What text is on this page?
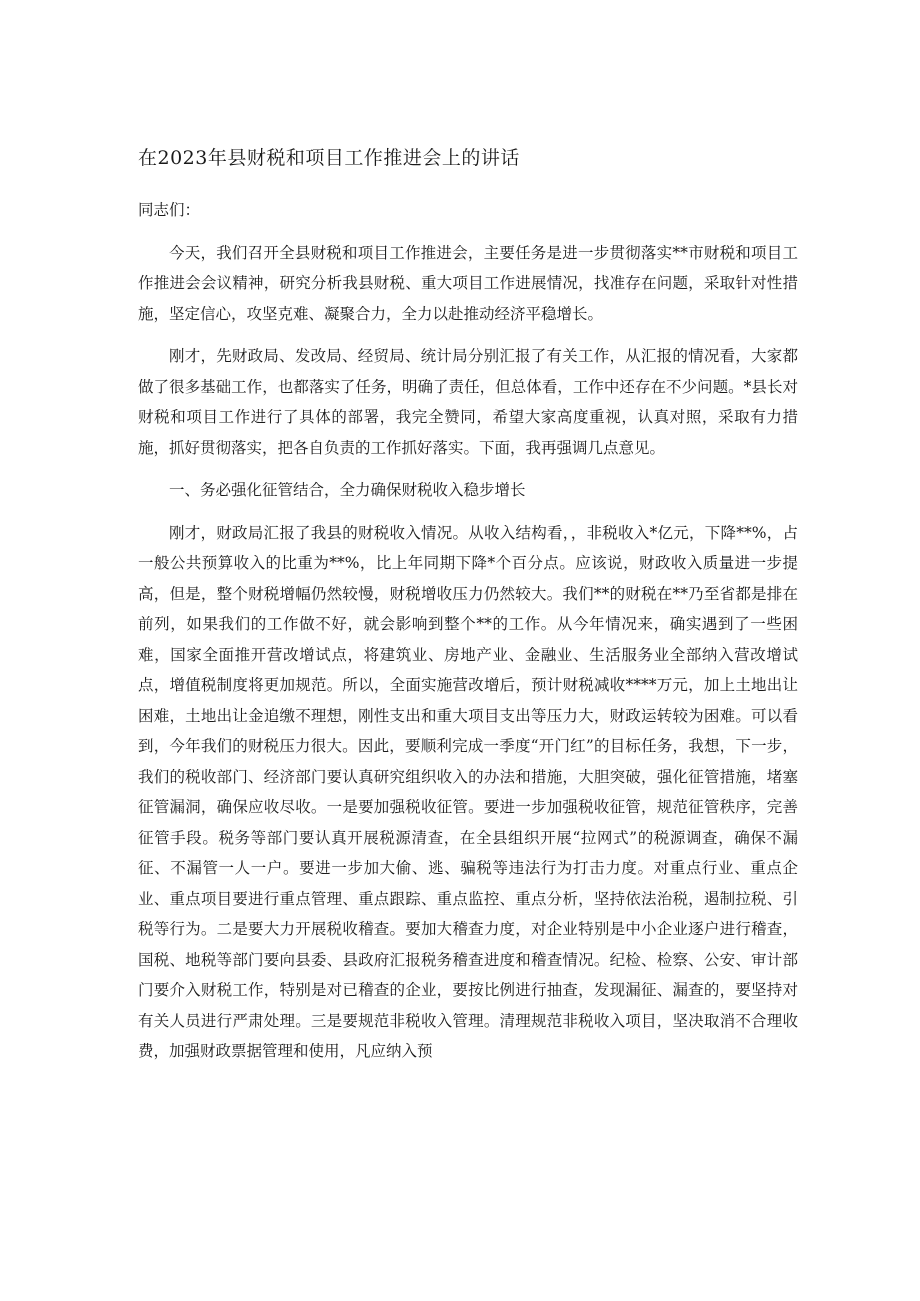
在2023年县财税和项目工作推进会上的讲话

同志们：

今天，我们召开全县财税和项目工作推进会，主要任务是进一步贯彻落实**市财税和项目工作推进会会议精神，研究分析我县财税、重大项目工作进展情况，找准存在问题，采取针对性措施，坚定信心，攻坚克难、凝聚合力，全力以赴推动经济平稳增长。

刚才，先财政局、发改局、经贸局、统计局分别汇报了有关工作，从汇报的情况看，大家都做了很多基础工作，也都落实了任务，明确了责任，但总体看，工作中还存在不少问题。*县长对财税和项目工作进行了具体的部署，我完全赞同，希望大家高度重视，认真对照，采取有力措施，抓好贯彻落实，把各自负责的工作抓好落实。下面，我再强调几点意见。

一、务必强化征管结合，全力确保财税收入稳步增长

刚才，财政局汇报了我县的财税收入情况。从收入结构看，，非税收入*亿元，下降**%，占一般公共预算收入的比重为**%，比上年同期下降*个百分点。应该说，财政收入质量进一步提高，但是，整个财税增幅仍然较慢，财税增收压力仍然较大。我们**的财税在**乃至省都是排在前列，如果我们的工作做不好，就会影响到整个**的工作。从今年情况来，确实遇到了一些困难，国家全面推开营改增试点，将建筑业、房地产业、金融业、生活服务业全部纳入营改增试点，增值税制度将更加规范。所以，全面实施营改增后，预计财税减收****万元，加上土地出让困难，土地出让金追缴不理想，刚性支出和重大项目支出等压力大，财政运转较为困难。可以看到，今年我们的财税压力很大。因此，要顺利完成一季度“开门红”的目标任务，我想，下一步，我们的税收部门、经济部门要认真研究组织收入的办法和措施，大胆突破，强化征管措施，堵塞征管漏洞，确保应收尽收。一是要加强税收征管。要进一步加强税收征管，规范征管秩序，完善征管手段。税务等部门要认真开展税源清查，在全县组织开展“拉网式”的税源调查，确保不漏征、不漏管一人一户。要进一步加大偷、逃、骗税等违法行为打击力度。对重点行业、重点企业、重点项目要进行重点管理、重点跟踪、重点监控、重点分析，坚持依法治税，遏制拉税、引税等行为。二是要大力开展税收稽查。要加大稽查力度，对企业特别是中小企业逐户进行稽查，国税、地税等部门要向县委、县政府汇报税务稽查进度和稽查情况。纪检、检察、公安、审计部门要介入财税工作，特别是对已稽查的企业，要按比例进行抽查，发现漏征、漏查的，要坚持对有关人员进行严肃处理。三是要规范非税收入管理。清理规范非税收入项目，坚决取消不合理收费，加强财政票据管理和使用，凡应纳入预
